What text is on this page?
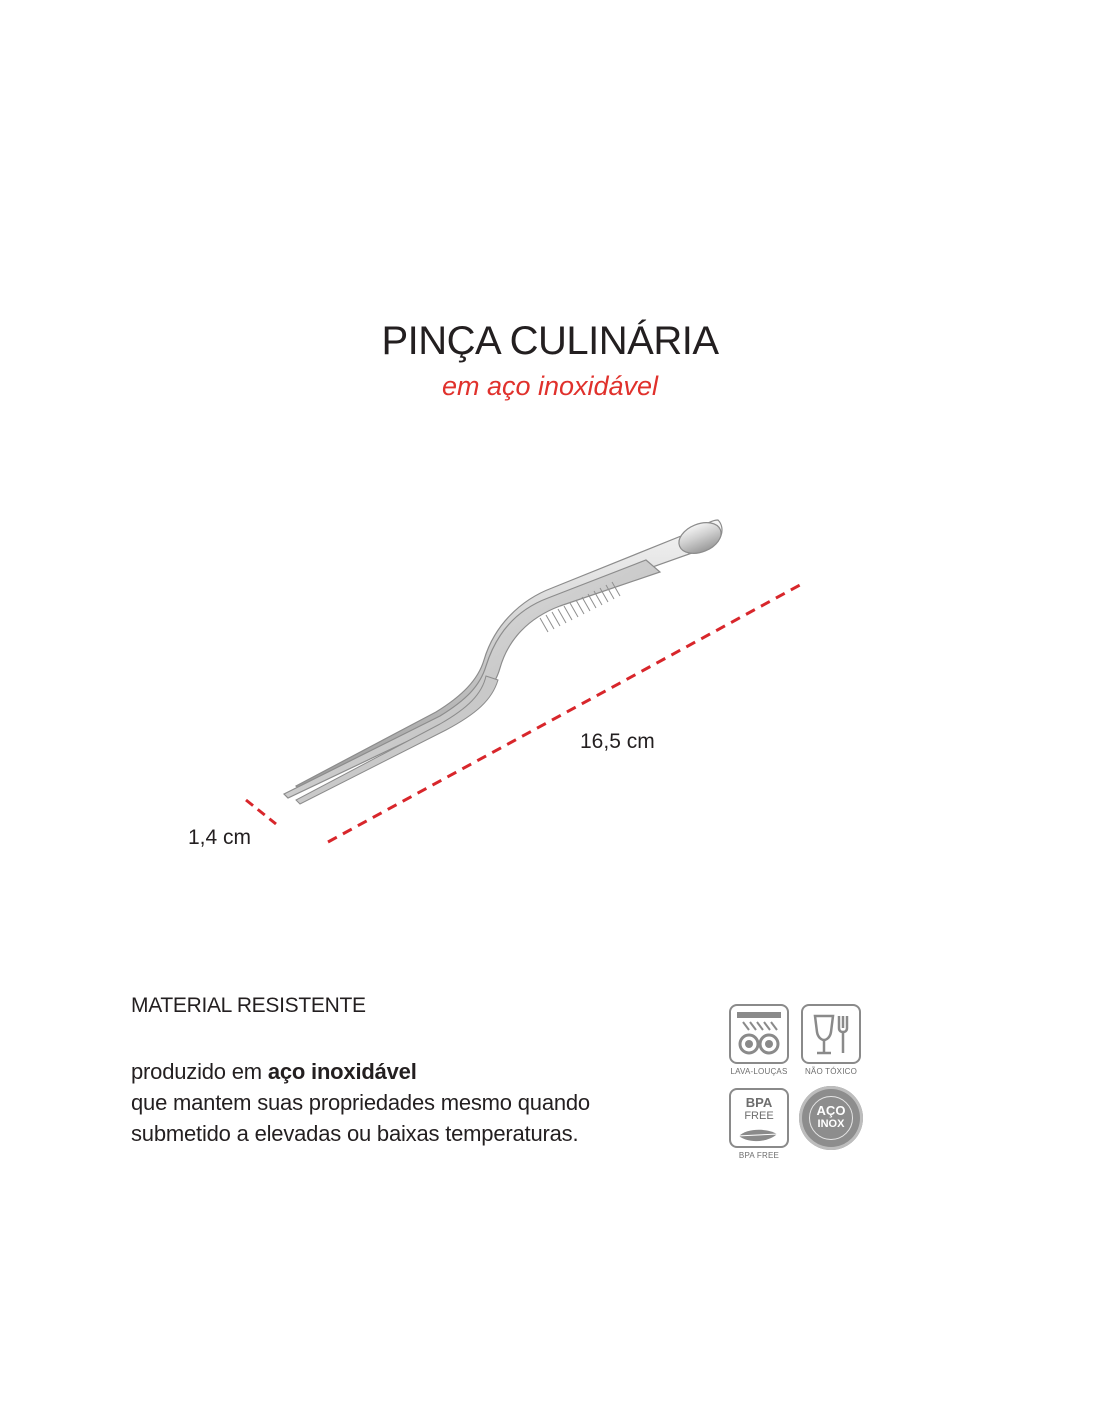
PINÇA CULINÁRIA
em aço inoxidável
16,5 cm
1,4 cm
MATERIAL RESISTENTE
produzido em aço inoxidável
que mantem suas propriedades mesmo quando
submetido a elevadas ou baixas temperaturas.
LAVA-LOUÇAS	NÃO TÓXICO
BPA
FREE
BPA FREE
AÇO
INOX
